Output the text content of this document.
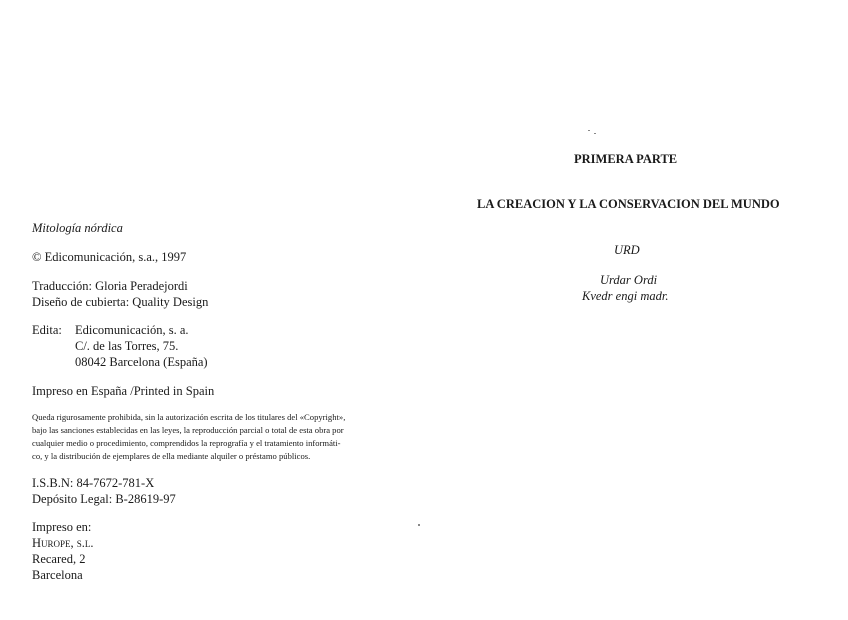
Mitología nórdica
© Edicomunicación, s.a., 1997
Traducción: Gloria Peradejordi
Diseño de cubierta: Quality Design
Edita: Edicomunicación, s. a.
C/. de las Torres, 75.
08042 Barcelona (España)
Impreso en España /Printed in Spain
Queda rigurosamente prohibida, sin la autorización escrita de los titulares del «Copyright»,
bajo las sanciones establecidas en las leyes, la reproducción parcial o total de esta obra por
cualquier medio o procedimiento, comprendidos la reprografía y el tratamiento informáti-
co, y la distribución de ejemplares de ella mediante alquiler o préstamo públicos.
I.S.B.N: 84-7672-781-X
Depósito Legal: B-28619-97
Impreso en:
Hurope, s.l.
Recared, 2
Barcelona
PRIMERA PARTE
LA CREACION Y LA CONSERVACION DEL MUNDO
URD
Urdar Ordi
Kvedr engi madr.
